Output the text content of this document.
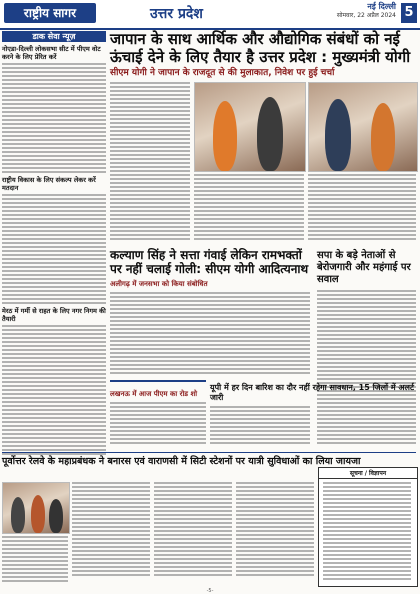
राष्ट्रीय सागर	उत्तर प्रदेश	नई दिल्ली
सोमवार, 22 अप्रैल 2024 5
डाक सेवा न्यूज़
नोएडा-दिल्ली लोकसभा सीट में पीएम वोट करने के लिए प्रेरित करें
राष्ट्रीय विकास के लिए संकल्प लेकर करें मतदान
मेरठ में गर्मी से राहत के लिए नगर निगम की तैयारी
जापान के साथ आर्थिक और औद्योगिक संबंधों को नई ऊंचाई देने के लिए तैयार है उत्तर प्रदेश : मुख्यमंत्री योगी
सीएम योगी ने जापान के राजदूत से की मुलाकात, निवेश पर हुई चर्चा
कल्याण सिंह ने सत्ता गंवाई लेकिन रामभक्तों पर नहीं चलाई गोली: सीएम योगी आदित्यनाथ
अलीगढ़ में जनसभा को किया संबोधित
सपा के बड़े नेताओं से बेरोजगारी और महंगाई पर सवाल
लखनऊ में आज पीएम का रोड शो
यूपी में हर दिन बारिश का दौर नहीं रहेगा सावधान, 15 जिलों में अलर्ट जारी
पूर्वोत्तर रेलवे के महाप्रबंधक ने बनारस एवं वाराणसी में सिटी स्टेशनों पर यात्री सुविधाओं का लिया जायजा
सूचना / विज्ञापन
-5-
